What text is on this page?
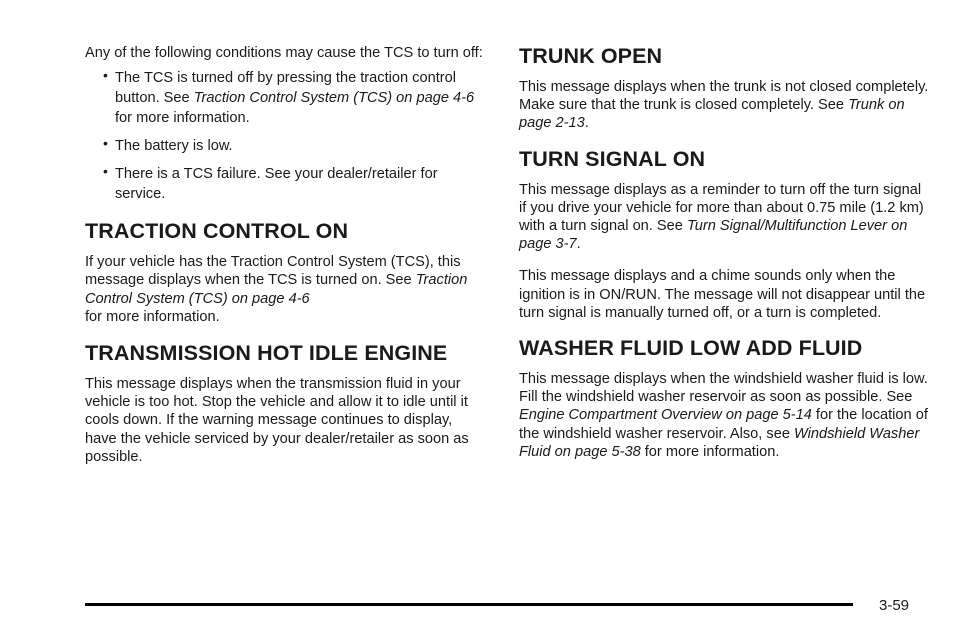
Any of the following conditions may cause the TCS to turn off:

• The TCS is turned off by pressing the traction control button. See Traction Control System (TCS) on page 4-6 for more information.
• The battery is low.
• There is a TCS failure. See your dealer/retailer for service.
TRACTION CONTROL ON

If your vehicle has the Traction Control System (TCS), this message displays when the TCS is turned on. See Traction Control System (TCS) on page 4-6
for more information.

TRANSMISSION HOT IDLE ENGINE

This message displays when the transmission fluid in your vehicle is too hot. Stop the vehicle and allow it to idle until it cools down. If the warning message continues to display, have the vehicle serviced by your dealer/retailer as soon as possible.

TRUNK OPEN

This message displays when the trunk is not closed completely. Make sure that the trunk is closed completely. See Trunk on page 2-13.

TURN SIGNAL ON

This message displays as a reminder to turn off the turn signal if you drive your vehicle for more than about 0.75 mile (1.2 km) with a turn signal on. See Turn Signal/Multifunction Lever on page 3-7.

This message displays and a chime sounds only when the ignition is in ON/RUN. The message will not disappear until the turn signal is manually turned off, or a turn is completed.

WASHER FLUID LOW ADD FLUID

This message displays when the windshield washer fluid is low. Fill the windshield washer reservoir as soon as possible. See Engine Compartment Overview on page 5-14 for the location of the windshield washer reservoir. Also, see Windshield Washer Fluid on page 5-38 for more information.

3-59
